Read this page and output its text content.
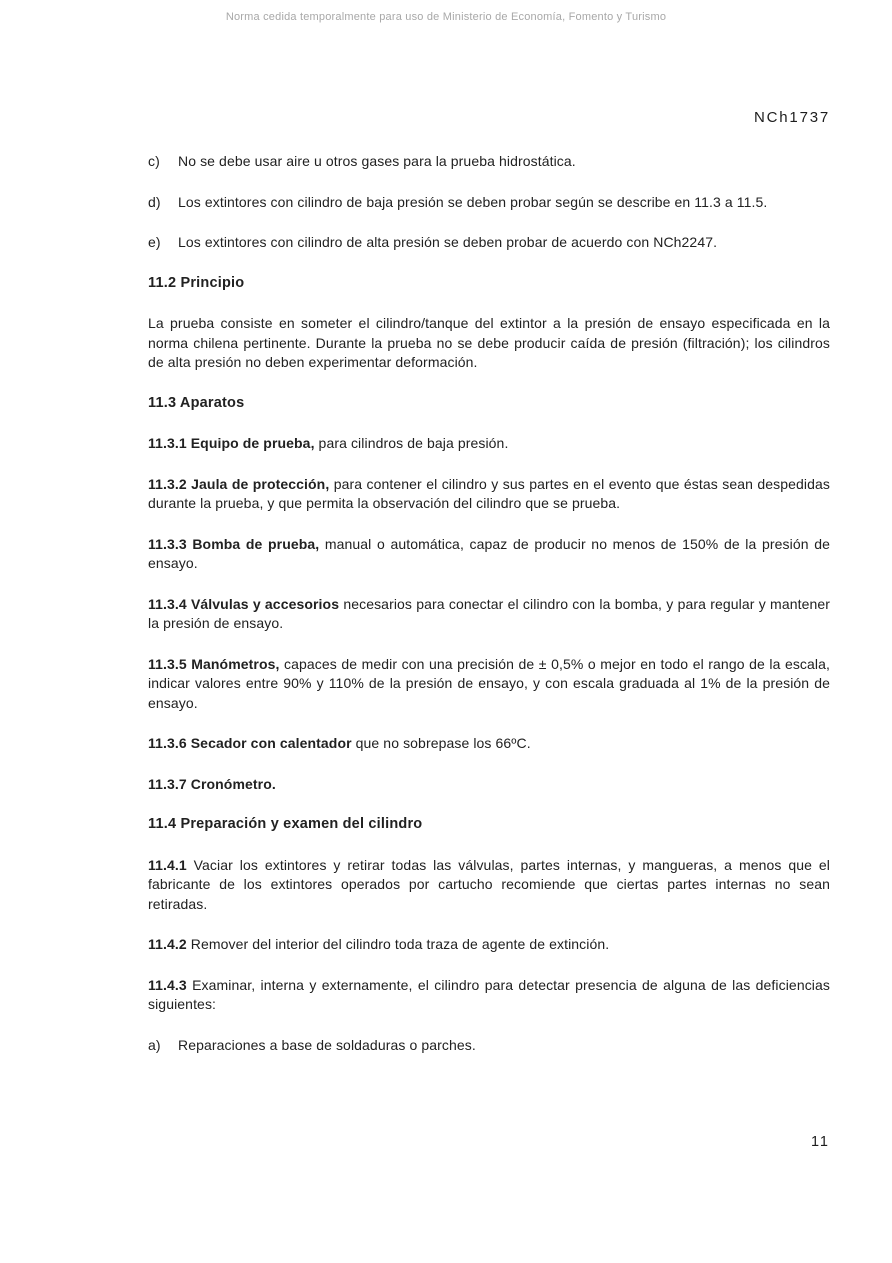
Norma cedida temporalmente para uso de Ministerio de Economía, Fomento y Turismo
NCh1737
c)	No se debe usar aire u otros gases para la prueba hidrostática.
d)	Los extintores con cilindro de baja presión se deben probar según se describe en 11.3 a 11.5.
e)	Los extintores con cilindro de alta presión se deben probar de acuerdo con NCh2247.
11.2 Principio

La prueba consiste en someter el cilindro/tanque del extintor a la presión de ensayo especificada en la norma chilena pertinente. Durante la prueba no se debe producir caída de presión (filtración); los cilindros de alta presión no deben experimentar deformación.

11.3 Aparatos

11.3.1 Equipo de prueba, para cilindros de baja presión.

11.3.2 Jaula de protección, para contener el cilindro y sus partes en el evento que éstas sean despedidas durante la prueba, y que permita la observación del cilindro que se prueba.

11.3.3 Bomba de prueba, manual o automática, capaz de producir no menos de 150% de la presión de ensayo.

11.3.4 Válvulas y accesorios necesarios para conectar el cilindro con la bomba, y para regular y mantener la presión de ensayo.

11.3.5 Manómetros, capaces de medir con una precisión de ± 0,5% o mejor en todo el rango de la escala, indicar valores entre 90% y 110% de la presión de ensayo, y con escala graduada al 1% de la presión de ensayo.

11.3.6 Secador con calentador que no sobrepase los 66ºC.

11.3.7 Cronómetro.

11.4 Preparación y examen del cilindro

11.4.1 Vaciar los extintores y retirar todas las válvulas, partes internas, y mangueras, a menos que el fabricante de los extintores operados por cartucho recomiende que ciertas partes internas no sean retiradas.

11.4.2 Remover del interior del cilindro toda traza de agente de extinción.

11.4.3 Examinar, interna y externamente, el cilindro para detectar presencia de alguna de las deficiencias siguientes:

a)	Reparaciones a base de soldaduras o parches.
11
